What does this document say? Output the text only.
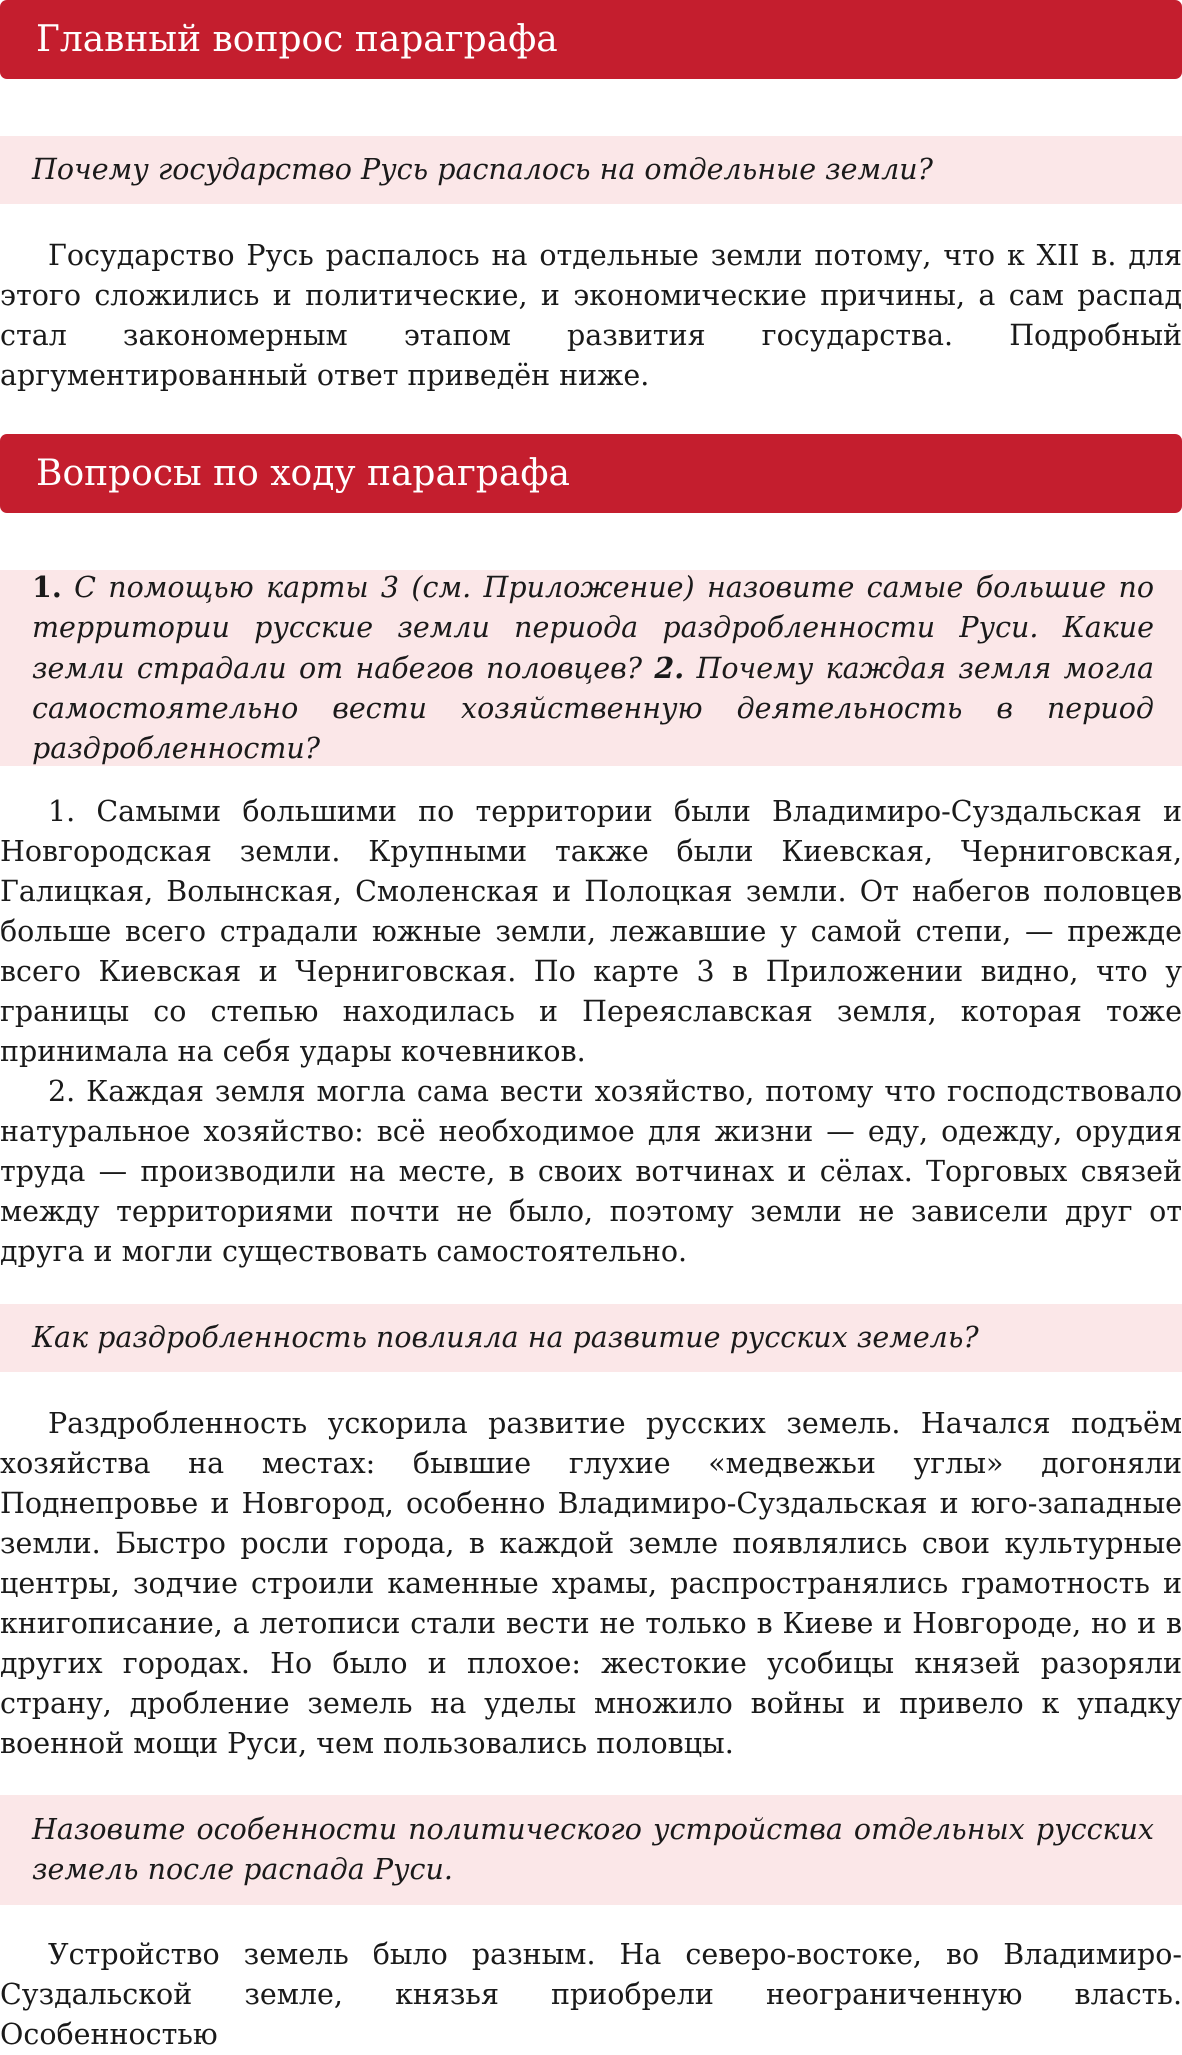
Главный вопрос параграфа
Почему государство Русь распалось на отдельные земли?

Государство Русь распалось на отдельные земли потому, что к XII в. для этого сложились и политические, и экономические причины, а сам распад стал закономерным этапом развития государства. Подробный аргументированный ответ приведён ниже.

Вопросы по ходу параграфа
1. С помощью карты 3 (см. Приложение) назовите самые большие по территории русские земли периода раздробленности Руси. Какие земли страдали от набегов половцев? 2. Почему каждая земля могла самостоятельно вести хозяйственную деятельность в период раздробленности?

1. Самыми большими по территории были Владимиро-Суздальская и Новгородская земли. Крупными также были Киевская, Черниговская, Галицкая, Волынская, Смоленская и Полоцкая земли. От набегов половцев больше всего страдали южные земли, лежавшие у самой степи, — прежде всего Киевская и Черниговская. По карте 3 в Приложении видно, что у границы со степью находилась и Переяславская земля, которая тоже принимала на себя удары кочевников.

2. Каждая земля могла сама вести хозяйство, потому что господствовало натуральное хозяйство: всё необходимое для жизни — еду, одежду, орудия труда — производили на месте, в своих вотчинах и сёлах. Торговых связей между территориями почти не было, поэтому земли не зависели друг от друга и могли существовать самостоятельно.

Как раздробленность повлияла на развитие русских земель?

Раздробленность ускорила развитие русских земель. Начался подъём хозяйства на местах: бывшие глухие «медвежьи углы» догоняли Поднепровье и Новгород, особенно Владимиро-Суздальская и юго-западные земли. Быстро росли города, в каждой земле появлялись свои культурные центры, зодчие строили каменные храмы, распространялись грамотность и книгописание, а летописи стали вести не только в Киеве и Новгороде, но и в других городах. Но было и плохое: жестокие усобицы князей разоряли страну, дробление земель на уделы множило войны и привело к упадку военной мощи Руси, чем пользовались половцы.

Назовите особенности политического устройства отдельных русских земель после распада Руси.

Устройство земель было разным. На северо-востоке, во Владимиро-Суздальской земле, князья приобрели неограниченную власть. Особенностью
